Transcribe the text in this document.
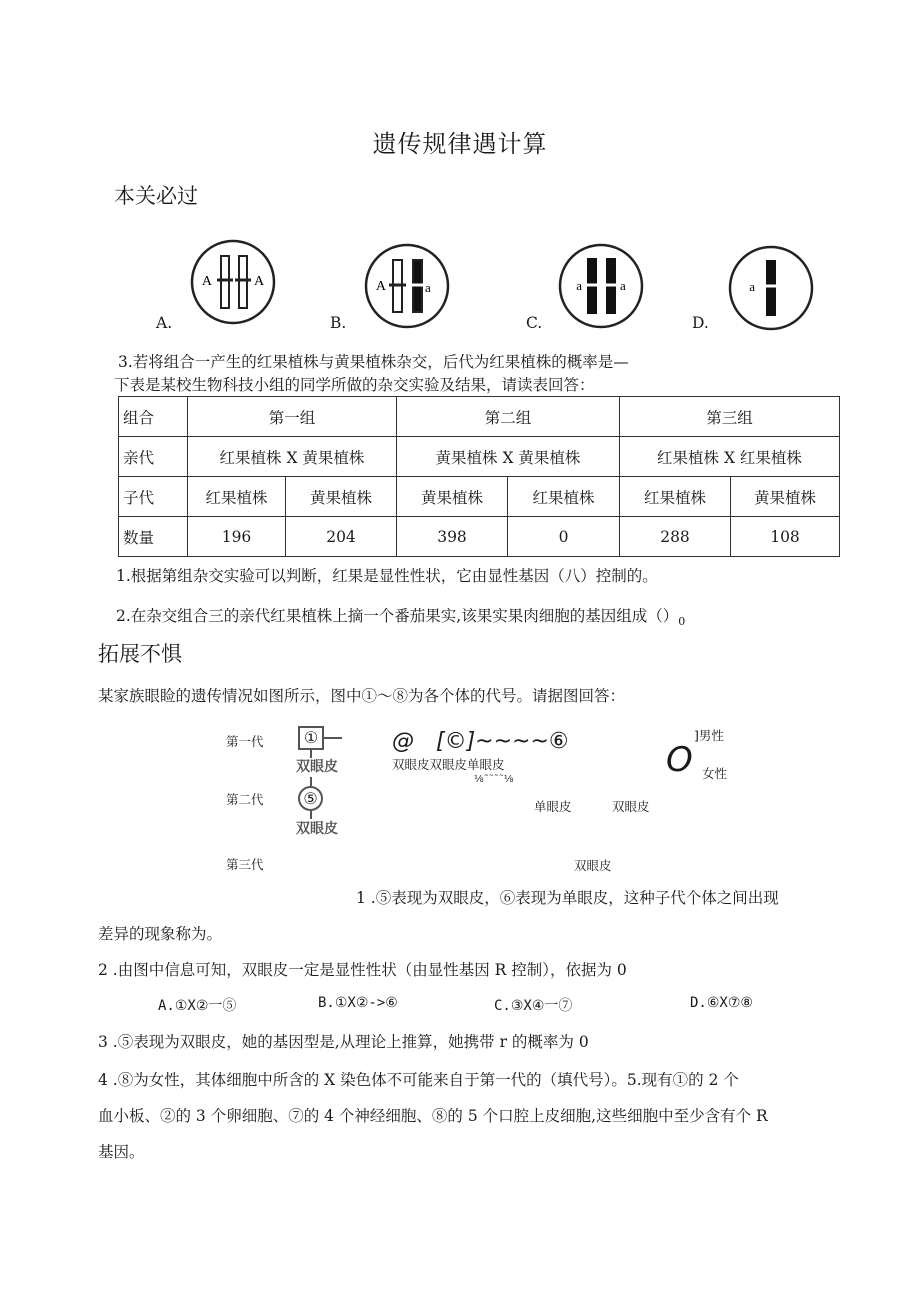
遗传规律遇计算
本关必过
A	A
A.
A	a
B.
a	a
C.
a
D.
3.若将组合一产生的红果植株与黄果植株杂交，后代为红果植株的概率是—
下表是某校生物科技小组的同学所做的杂交实验及结果，请读表回答：
组合	第一组		第二组		第三组	
亲代	红果植株 X 黄果植株		黄果植株 X 黄果植株		红果植株 X 红果植株	
子代	红果植株	黄果植株	黄果植株	红果植株	红果植株	黄果植株
数量	196	204	398	0	288	108
1.根据第组杂交实验可以判断，红果是显性性状，它由显性基因（八）控制的。
2.在杂交组合三的亲代红果植株上摘一个番茄果实,该果实果肉细胞的基因组成$()_0$
拓展不惧
某家族眼睑的遗传情况如图所示，图中①～⑧为各个体的代号。请据图回答：
第一代
第二代
第三代
①
双眼皮
⑤
双眼皮
@　[©]~~~~⑥
双眼皮双眼皮单眼皮
⅛˜˜˜˜⅛
单眼皮	双眼皮
双眼皮
]男性
O 女性
1 .⑤表现为双眼皮，⑥表现为单眼皮，这种子代个体之间出现
差异的现象称为。
2 .由图中信息可知，双眼皮一定是显性性状（由显性基因 R 控制），依据为 0
A.①X②一⑤	B.①X②->⑥	C.③X④一⑦	D.⑥X⑦⑧
3 .⑤表现为双眼皮，她的基因型是,从理论上推算，她携带 r 的概率为 0
4 .⑧为女性，其体细胞中所含的 X 染色体不可能来自于第一代的（填代号）。5.现有①的 2 个
血小板、②的 3 个卵细胞、⑦的 4 个神经细胞、⑧的 5 个口腔上皮细胞,这些细胞中至少含有个 R
基因。
